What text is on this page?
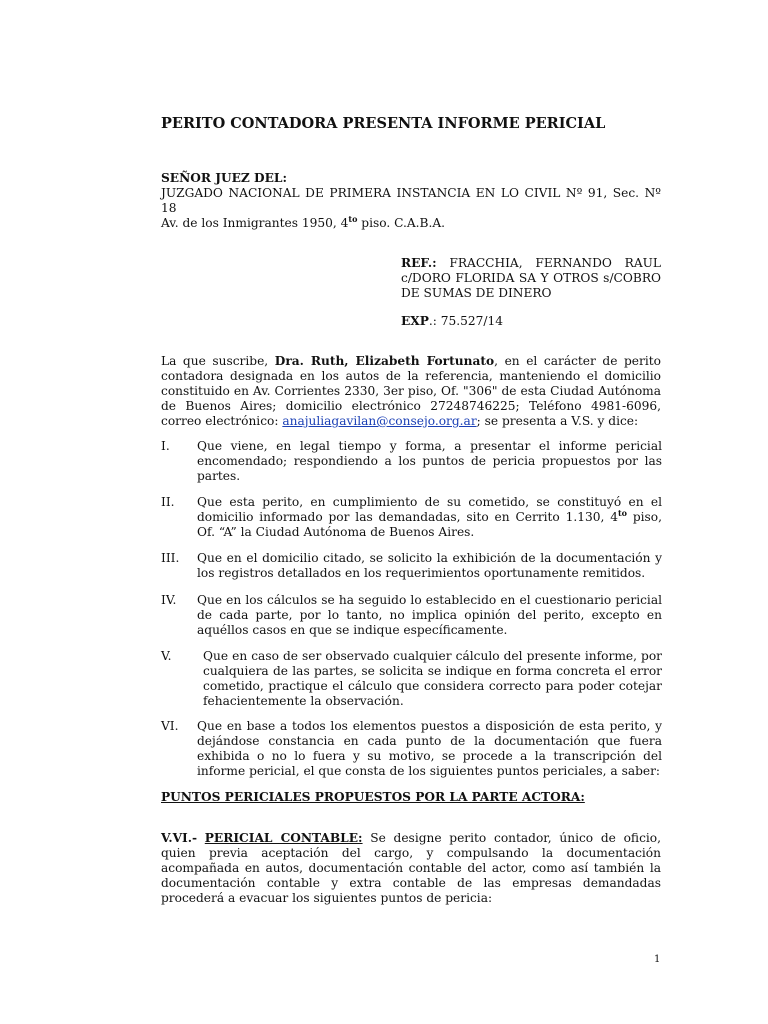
PERITO CONTADORA PRESENTA INFORME PERICIAL
SEÑOR JUEZ DEL:
JUZGADO NACIONAL DE PRIMERA INSTANCIA EN LO CIVIL Nº 91, Sec. Nº 18
Av. de los Inmigrantes 1950, $4^{to}$ piso. C.A.B.A.
REF.: FRACCHIA, FERNANDO RAUL c/DORO FLORIDA SA Y OTROS s/COBRO DE SUMAS DE DINERO
EXP.: 75.527/14
La que suscribe, Dra. Ruth, Elizabeth Fortunato, en el carácter de perito contadora designada en los autos de la referencia, manteniendo el domicilio constituido en Av. Corrientes 2330, 3er piso, Of. "306" de esta Ciudad Autónoma de Buenos Aires; domicilio electrónico 27248746225; Teléfono 4981-6096, correo electrónico: anajuliagavilan@consejo.org.ar; se presenta a V.S. y dice:
I. Que viene, en legal tiempo y forma, a presentar el informe pericial encomendado; respondiendo a los puntos de pericia propuestos por las partes.
II. Que esta perito, en cumplimiento de su cometido, se constituyó en el domicilio informado por las demandadas, sito en Cerrito 1.130, $4^{to}$ piso, Of. “A” la Ciudad Autónoma de Buenos Aires.
III. Que en el domicilio citado, se solicito la exhibición de la documentación y los registros detallados en los requerimientos oportunamente remitidos.
IV. Que en los cálculos se ha seguido lo establecido en el cuestionario pericial de cada parte, por lo tanto, no implica opinión del perito, excepto en aquéllos casos en que se indique específicamente.
V.	Que en caso de ser observado cualquier cálculo del presente informe, por cualquiera de las partes, se solicita se indique en forma concreta el error cometido, practique el cálculo que considera correcto para poder cotejar fehacientemente la observación.
VI. Que en base a todos los elementos puestos a disposición de esta perito, y dejándose constancia en cada punto de la documentación que fuera exhibida o no lo fuera y su motivo, se procede a la transcripción del informe pericial, el que consta de los siguientes puntos periciales, a saber:
PUNTOS PERICIALES PROPUESTOS POR LA PARTE ACTORA:
V.VI.- PERICIAL CONTABLE: Se designe perito contador, único de oficio, quien previa aceptación del cargo, y compulsando la documentación acompañada en autos, documentación contable del actor, como así también la documentación contable y extra contable de las empresas demandadas procederá a evacuar los siguientes puntos de pericia:
1
